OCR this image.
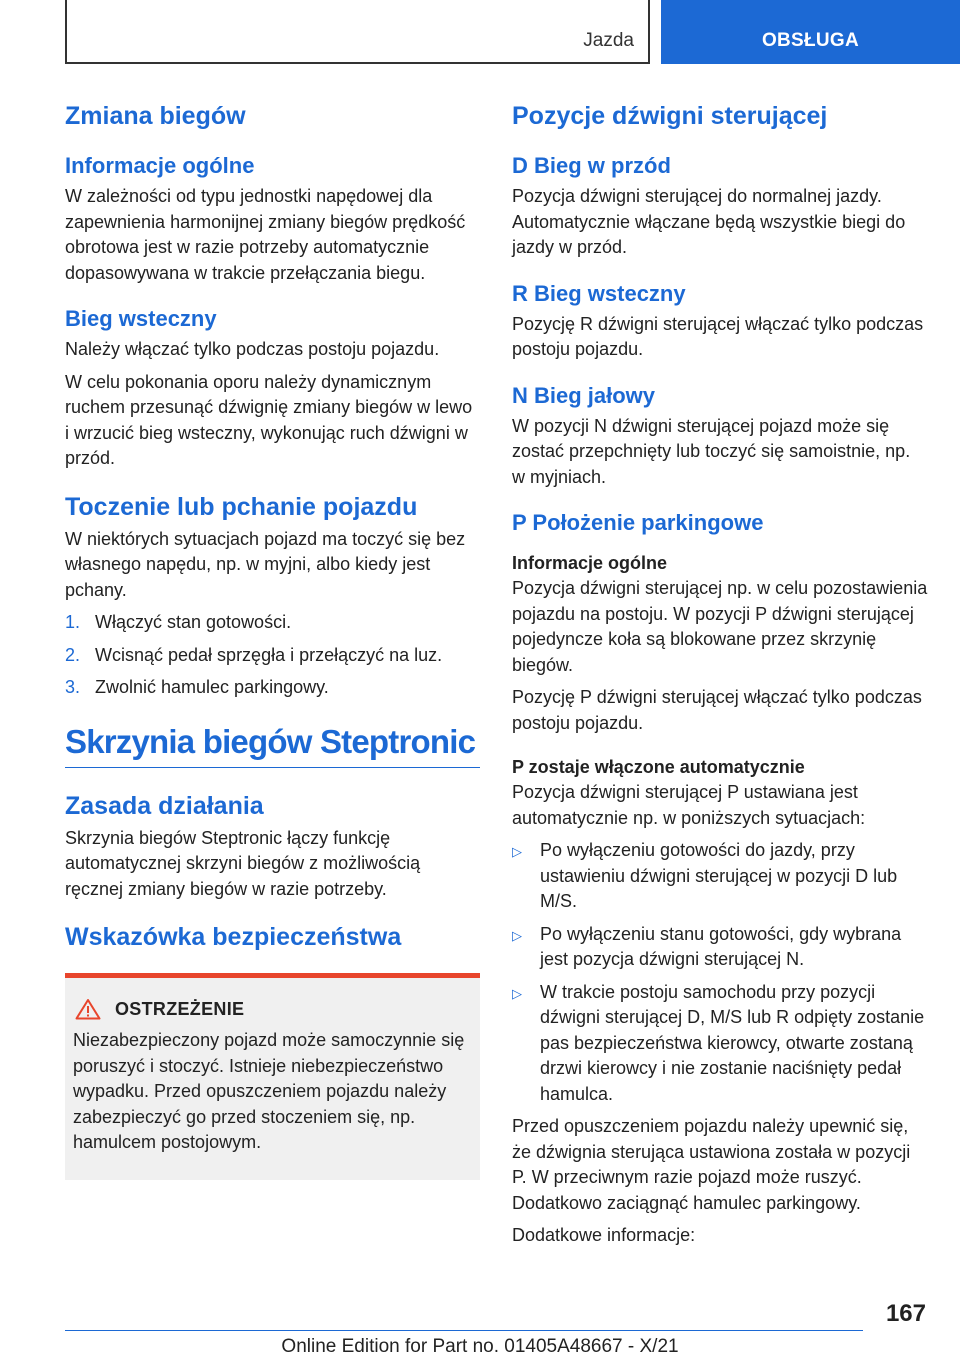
Jazda	OBSŁUGA
Zmiana biegów
Informacje ogólne

W zależności od typu jednostki napędowej dla zapewnienia harmonijnej zmiany biegów prędkość obrotowa jest w razie potrzeby automatycznie dopasowywana w trakcie przełączania biegu.

Bieg wsteczny

Należy włączać tylko podczas postoju pojazdu.

W celu pokonania oporu należy dynamicznym ruchem przesunąć dźwignię zmiany biegów w lewo i wrzucić bieg wsteczny, wykonując ruch dźwigni w przód.

Toczenie lub pchanie pojazdu

W niektórych sytuacjach pojazd ma toczyć się bez własnego napędu, np. w myjni, albo kiedy jest pchany.

1. Włączyć stan gotowości.
2. Wcisnąć pedał sprzęgła i przełączyć na luz.
3. Zwolnić hamulec parkingowy.
Skrzynia biegów Steptronic
Zasada działania

Skrzynia biegów Steptronic łączy funkcję automatycznej skrzyni biegów z możliwością ręcznej zmiany biegów w razie potrzeby.

Wskazówka bezpieczeństwa
OSTRZEŻENIE

Niezabezpieczony pojazd może samoczynnie się poruszyć i stoczyć. Istnieje niebezpieczeństwo wypadku. Przed opuszczeniem pojazdu należy zabezpieczyć go przed stoczeniem się, np. hamulcem postojowym.

Pozycje dźwigni sterującej
D Bieg w przód

Pozycja dźwigni sterującej do normalnej jazdy. Automatycznie włączane będą wszystkie biegi do jazdy w przód.

R Bieg wsteczny

Pozycję R dźwigni sterującej włączać tylko podczas postoju pojazdu.

N Bieg jałowy

W pozycji N dźwigni sterującej pojazd może się zostać przepchnięty lub toczyć się samoistnie, np. w myjniach.

P Położenie parkingowe
Informacje ogólne

Pozycja dźwigni sterującej np. w celu pozostawienia pojazdu na postoju. W pozycji P dźwigni sterującej pojedyncze koła są blokowane przez skrzynię biegów.

Pozycję P dźwigni sterującej włączać tylko podczas postoju pojazdu.

P zostaje włączone automatycznie

Pozycja dźwigni sterującej P ustawiana jest automatycznie np. w poniższych sytuacjach:

▷	Po wyłączeniu gotowości do jazdy, przy ustawieniu dźwigni sterującej w pozycji D lub M/S.
▷	Po wyłączeniu stanu gotowości, gdy wybrana jest pozycja dźwigni sterującej N.
▷	W trakcie postoju samochodu przy pozycji dźwigni sterującej D, M/S lub R odpięty zostanie pas bezpieczeństwa kierowcy, otwarte zostaną drzwi kierowcy i nie zostanie naciśnięty pedał hamulca.

Przed opuszczeniem pojazdu należy upewnić się, że dźwignia sterująca ustawiona została w pozycji P. W przeciwnym razie pojazd może ruszyć. Dodatkowo zaciągnąć hamulec parkingowy.

Dodatkowe informacje:

167
Online Edition for Part no. 01405A48667 - X/21
